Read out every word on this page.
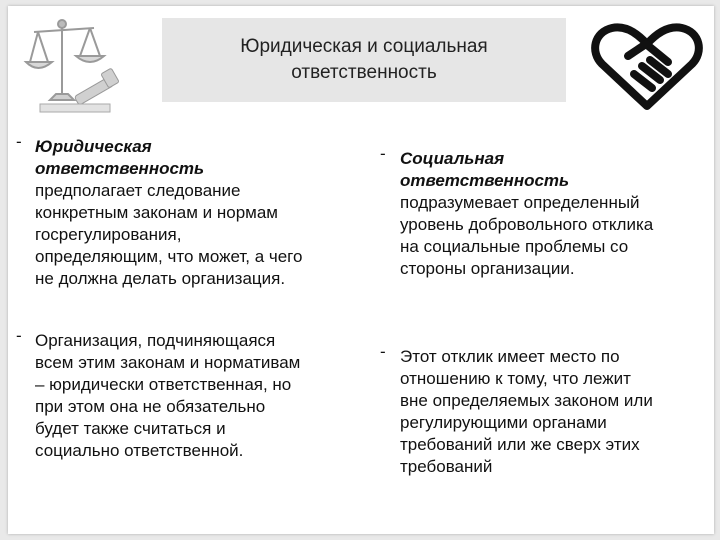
Юридическая и социальная
ответственность
- Юридическая
ответственность
предполагает следование
конкретным законам и нормам
госрегулирования,
определяющим, что может, а чего
не должна делать организация.
- Организация, подчиняющаяся
всем этим законам и нормативам
– юридически ответственная, но
при этом она не обязательно
будет также считаться и
социально ответственной.
- Социальная
ответственность
подразумевает определенный
уровень добровольного отклика
на социальные проблемы со
стороны организации.
- Этот отклик имеет место по
отношению к тому, что лежит
вне определяемых законом или
регулирующими органами
требований или же сверх этих
требований
